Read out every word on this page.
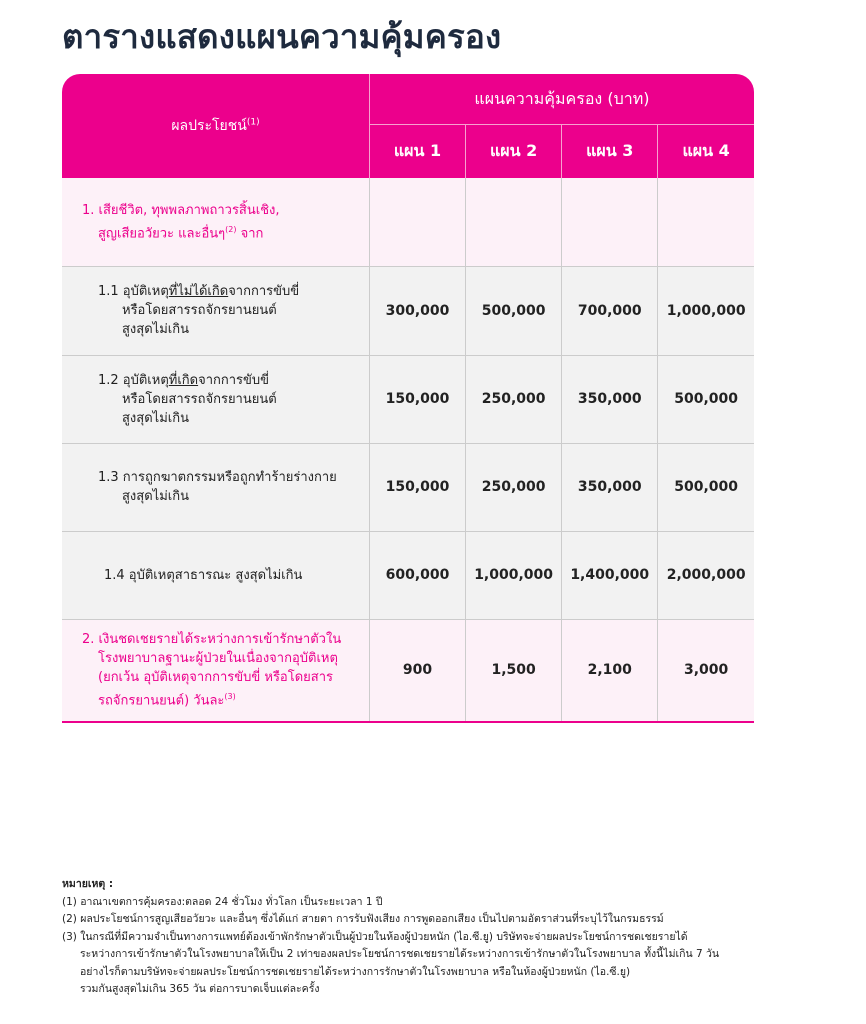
ตารางแสดงแผนความคุ้มครอง
ผลประโยชน์$^{(1)}$	แผนความคุ้มครอง (บาท)			
	แผน 1	แผน 2	แผน 3	แผน 4

1. เสียชีวิต, ทุพพลภาพถาวรสิ้นเชิง,
สูญเสียอวัยวะ และอื่นๆ$^{(2)}$ จาก				

1.1 อุบัติเหตุที่ไม่ได้เกิดจากการขับขี่
หรือโดยสารรถจักรยานยนต์
สูงสุดไม่เกิน	300,000	500,000	700,000	1,000,000

1.2 อุบัติเหตุที่เกิดจากการขับขี่
หรือโดยสารรถจักรยานยนต์
สูงสุดไม่เกิน	150,000	250,000	350,000	500,000

1.3 การถูกฆาตกรรมหรือถูกทำร้ายร่างกาย
สูงสุดไม่เกิน	150,000	250,000	350,000	500,000

1.4 อุบัติเหตุสาธารณะ สูงสุดไม่เกิน	600,000	1,000,000	1,400,000	2,000,000

2. เงินชดเชยรายได้ระหว่างการเข้ารักษาตัวใน
โรงพยาบาลฐานะผู้ป่วยในเนื่องจากอุบัติเหตุ
(ยกเว้น อุบัติเหตุจากการขับขี่ หรือโดยสาร
รถจักรยานยนต์) วันละ$^{(3)}$	900	1,500	2,100	3,000
หมายเหตุ :
(1) อาณาเขตการคุ้มครอง:ตลอด 24 ชั่วโมง ทั่วโลก เป็นระยะเวลา 1 ปี
(2) ผลประโยชน์การสูญเสียอวัยวะ และอื่นๆ ซึ่งได้แก่ สายตา การรับฟังเสียง การพูดออกเสียง เป็นไปตามอัตราส่วนที่ระบุไว้ในกรมธรรม์
(3) ในกรณีที่มีความจำเป็นทางการแพทย์ต้องเข้าพักรักษาตัวเป็นผู้ป่วยในห้องผู้ป่วยหนัก (ไอ.ซี.ยู) บริษัทจะจ่ายผลประโยชน์การชดเชยรายได้
ระหว่างการเข้ารักษาตัวในโรงพยาบาลให้เป็น 2 เท่าของผลประโยชน์การชดเชยรายได้ระหว่างการเข้ารักษาตัวในโรงพยาบาล ทั้งนี้ไม่เกิน 7 วัน
อย่างไรก็ตามบริษัทจะจ่ายผลประโยชน์การชดเชยรายได้ระหว่างการรักษาตัวในโรงพยาบาล หรือในห้องผู้ป่วยหนัก (ไอ.ซี.ยู)
รวมกันสูงสุดไม่เกิน 365 วัน ต่อการบาดเจ็บแต่ละครั้ง
